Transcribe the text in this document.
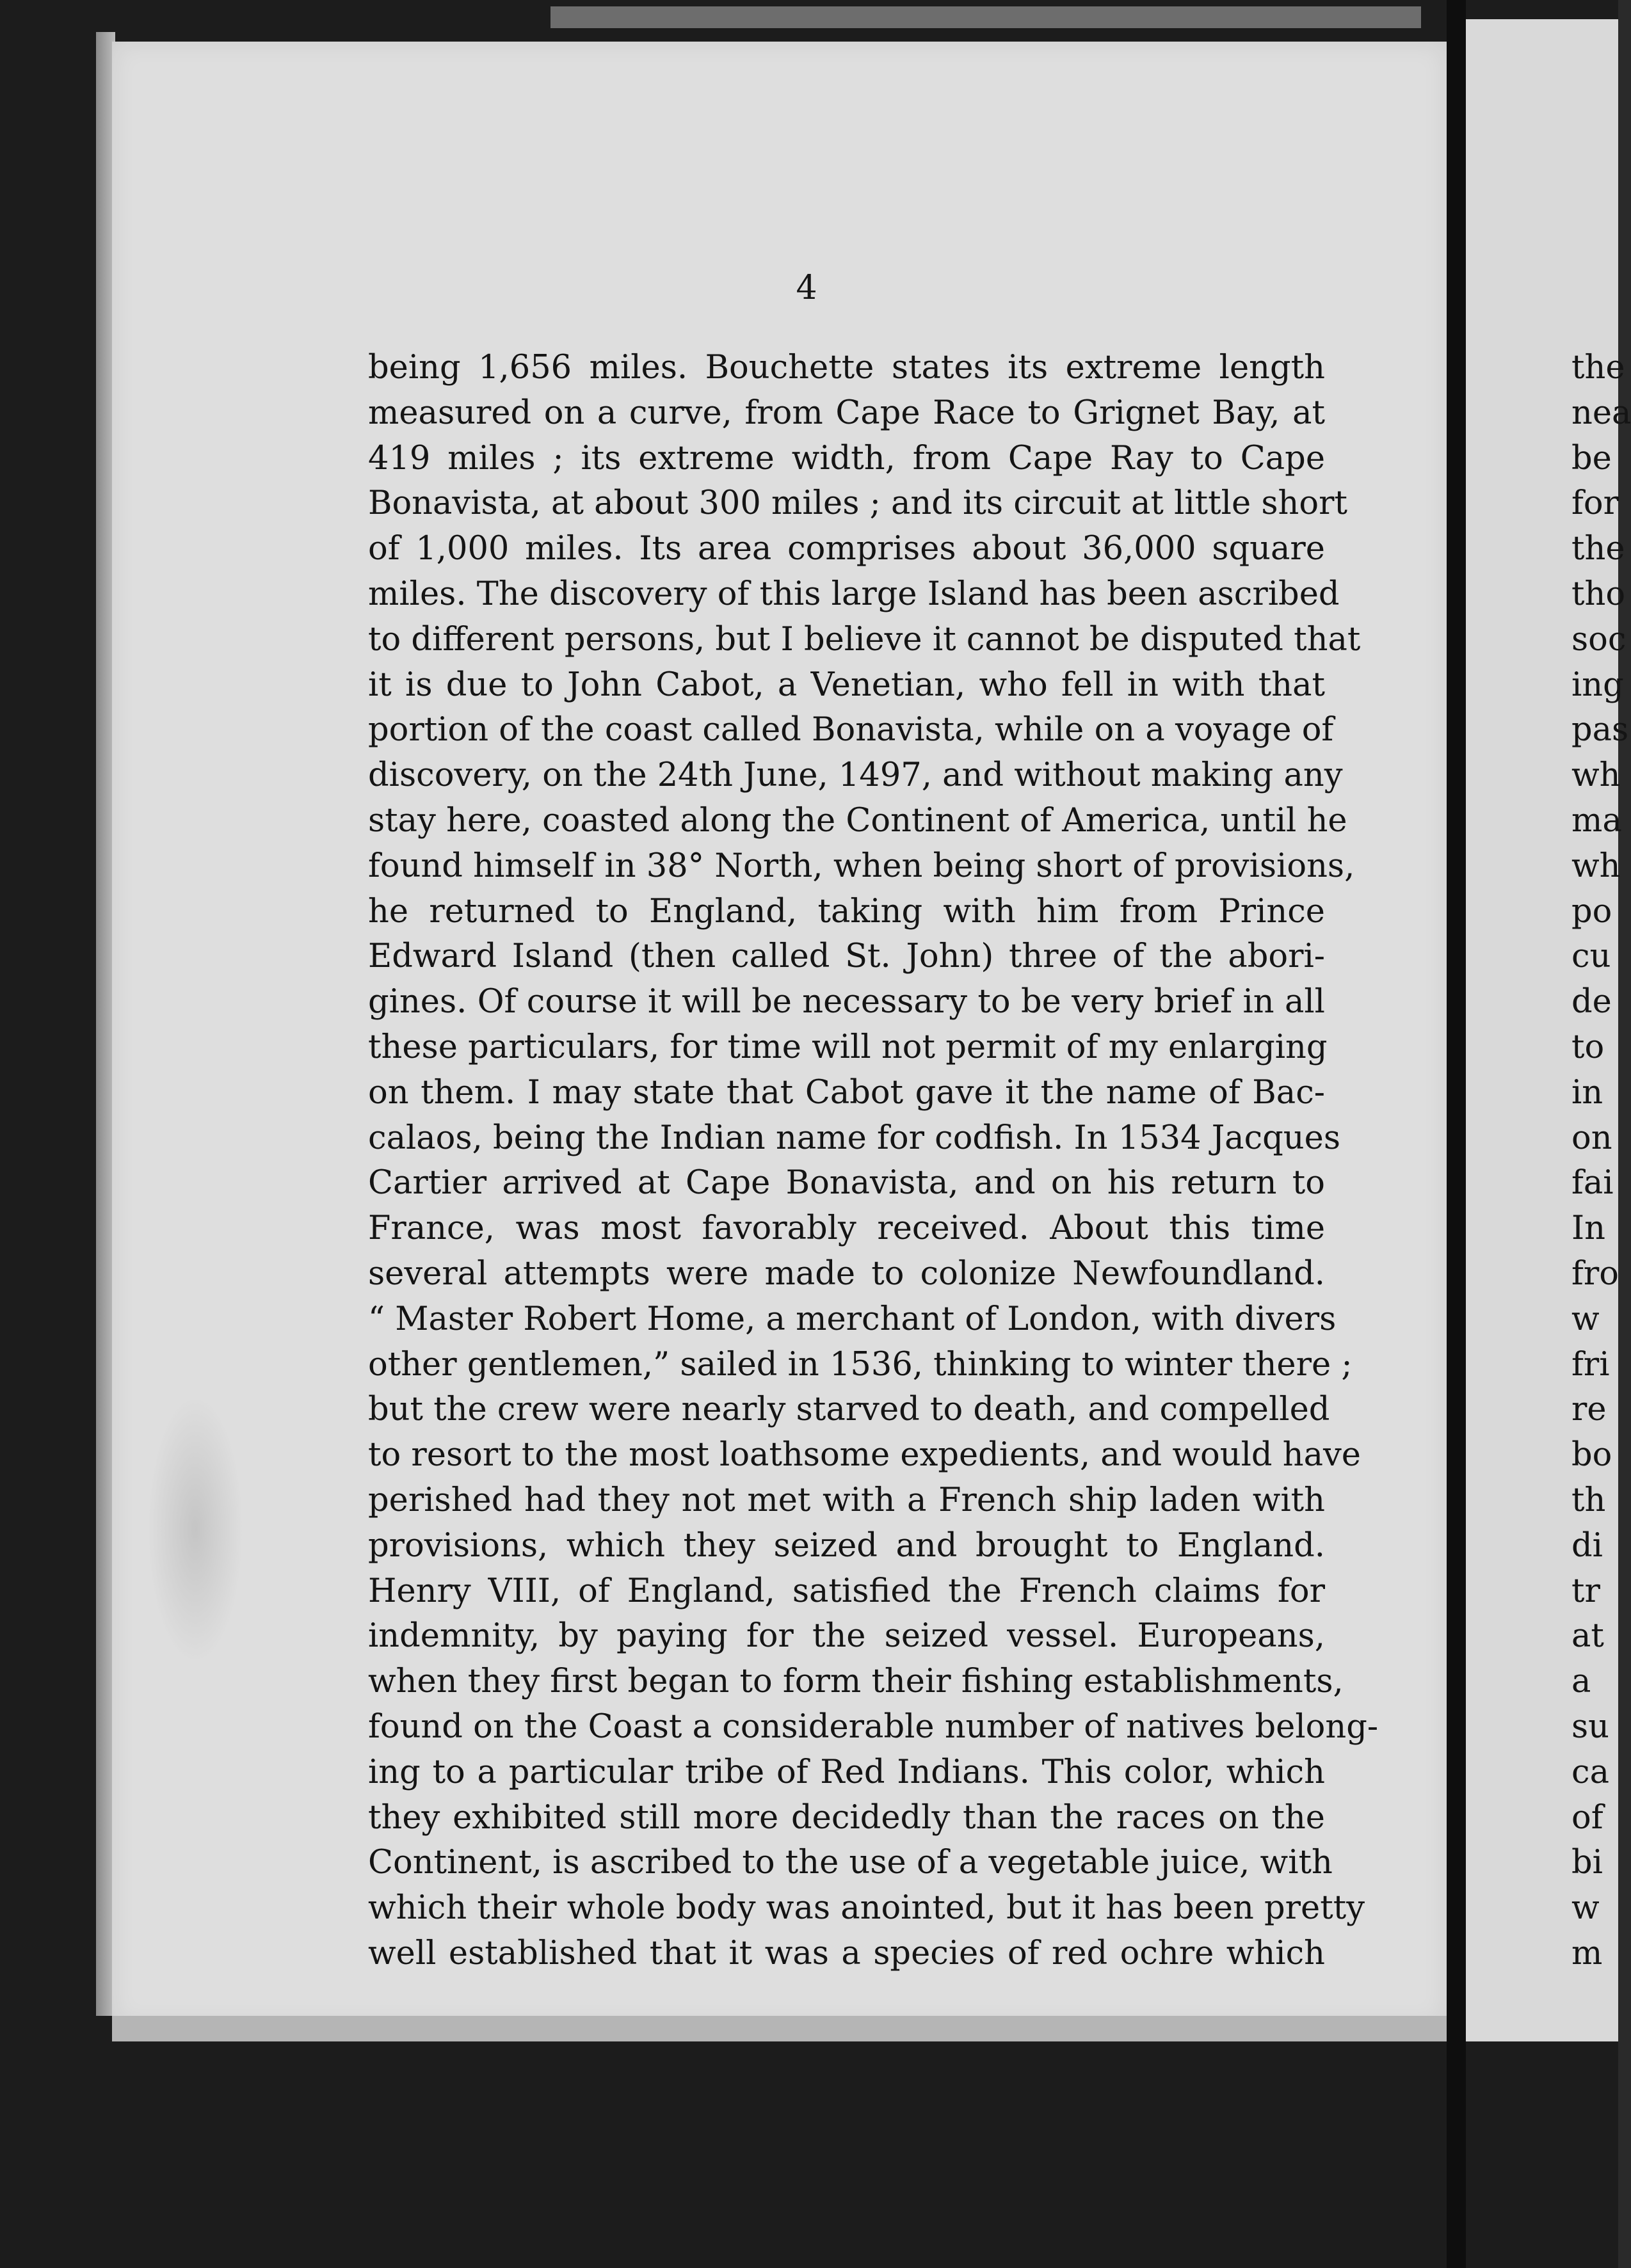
4
being 1,656 miles. Bouchette states its extreme length
measured on a curve, from Cape Race to Grignet Bay, at
419 miles ; its extreme width, from Cape Ray to Cape
Bonavista, at about 300 miles ; and its circuit at little short
of 1,000 miles. Its area comprises about 36,000 square
miles. The discovery of this large Island has been ascribed
to different persons, but I believe it cannot be disputed that
it is due to John Cabot, a Venetian, who fell in with that
portion of the coast called Bonavista, while on a voyage of
discovery, on the 24th June, 1497, and without making any
stay here, coasted along the Continent of America, until he
found himself in 38° North, when being short of provisions,
he returned to England, taking with him from Prince
Edward Island (then called St. John) three of the abori-
gines. Of course it will be necessary to be very brief in all
these particulars, for time will not permit of my enlarging
on them. I may state that Cabot gave it the name of Bac-
calaos, being the Indian name for codfish. In 1534 Jacques
Cartier arrived at Cape Bonavista, and on his return to
France, was most favorably received. About this time
several attempts were made to colonize Newfoundland.
“ Master Robert Home, a merchant of London, with divers
other gentlemen,” sailed in 1536, thinking to winter there ;
but the crew were nearly starved to death, and compelled
to resort to the most loathsome expedients, and would have
perished had they not met with a French ship laden with
provisions, which they seized and brought to England.
Henry VIII, of England, satisfied the French claims for
indemnity, by paying for the seized vessel. Europeans,
when they first began to form their fishing establishments,
found on the Coast a considerable number of natives belong-
ing to a particular tribe of Red Indians. This color, which
they exhibited still more decidedly than the races on the
Continent, is ascribed to the use of a vegetable juice, with
which their whole body was anointed, but it has been pretty
well established that it was a species of red ochre which
the
nea
be
for
the
tho
soc
ing
pas
wh
ma
wh
po
cu
de
to
in
on
fai
In
fro
w
fri
re
bo
th
di
tr
at
a
su
ca
of
bi
w
m
